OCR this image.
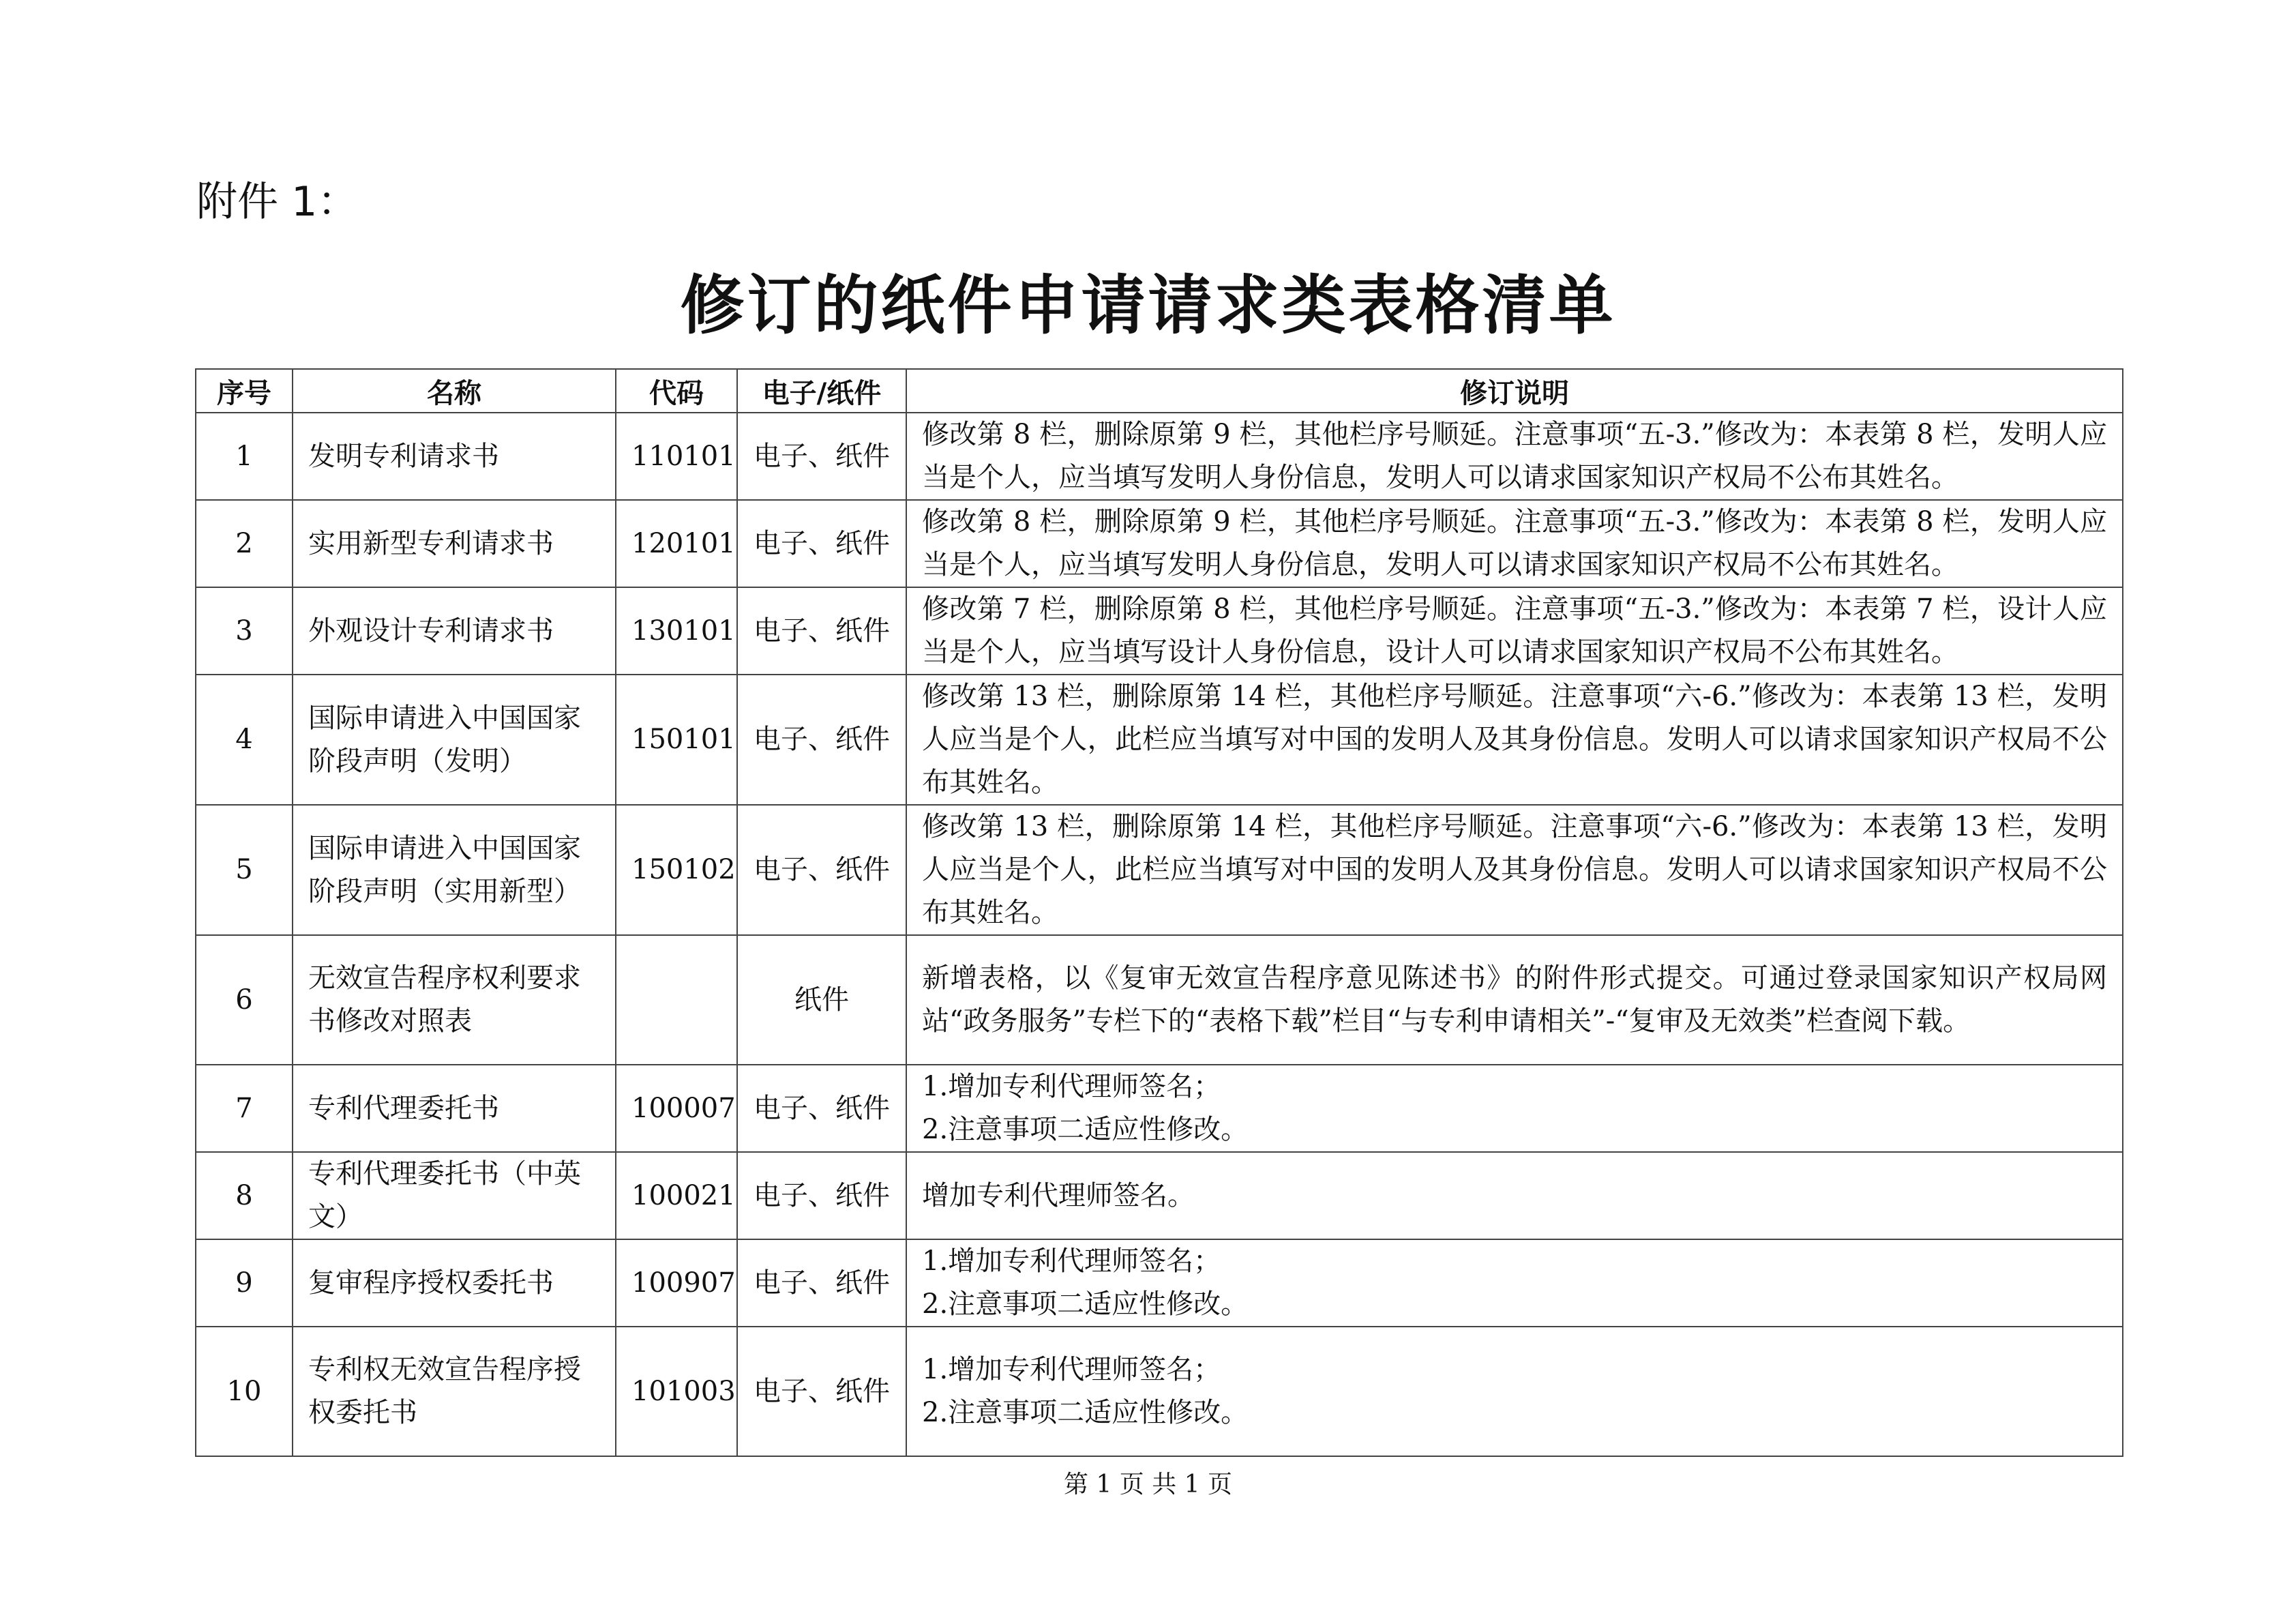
附件 1：
修订的纸件申请请求类表格清单
序号	名称	代码	电子/纸件	修订说明
1	发明专利请求书	110101	电子、纸件	修改第 8 栏，删除原第 9 栏，其他栏序号顺延。注意事项“五-3.”修改为：本表第 8 栏，发明人应当是个人，应当填写发明人身份信息，发明人可以请求国家知识产权局不公布其姓名。

2	实用新型专利请求书	120101	电子、纸件	修改第 8 栏，删除原第 9 栏，其他栏序号顺延。注意事项“五-3.”修改为：本表第 8 栏，发明人应当是个人，应当填写发明人身份信息，发明人可以请求国家知识产权局不公布其姓名。

3	外观设计专利请求书	130101	电子、纸件	修改第 7 栏，删除原第 8 栏，其他栏序号顺延。注意事项“五-3.”修改为：本表第 7 栏，设计人应当是个人，应当填写设计人身份信息，设计人可以请求国家知识产权局不公布其姓名。

4	国际申请进入中国国家阶段声明（发明）	150101	电子、纸件	修改第 13 栏，删除原第 14 栏，其他栏序号顺延。注意事项“六-6.”修改为：本表第 13 栏，发明人应当是个人，此栏应当填写对中国的发明人及其身份信息。发明人可以请求国家知识产权局不公布其姓名。

5	国际申请进入中国国家阶段声明（实用新型）	150102	电子、纸件	修改第 13 栏，删除原第 14 栏，其他栏序号顺延。注意事项“六-6.”修改为：本表第 13 栏，发明人应当是个人，此栏应当填写对中国的发明人及其身份信息。发明人可以请求国家知识产权局不公布其姓名。

6	无效宣告程序权利要求书修改对照表		纸件	新增表格，以《复审无效宣告程序意见陈述书》的附件形式提交。可通过登录国家知识产权局网站“政务服务”专栏下的“表格下载”栏目“与专利申请相关”-“复审及无效类”栏查阅下载。

7	专利代理委托书	100007	电子、纸件	1.增加专利代理师签名；
2.注意事项二适应性修改。

8	专利代理委托书（中英文）	100021	电子、纸件	增加专利代理师签名。

9	复审程序授权委托书	100907	电子、纸件	1.增加专利代理师签名；
2.注意事项二适应性修改。

10	专利权无效宣告程序授权委托书	101003	电子、纸件	1.增加专利代理师签名；
2.注意事项二适应性修改。
第 1 页 共 1 页
